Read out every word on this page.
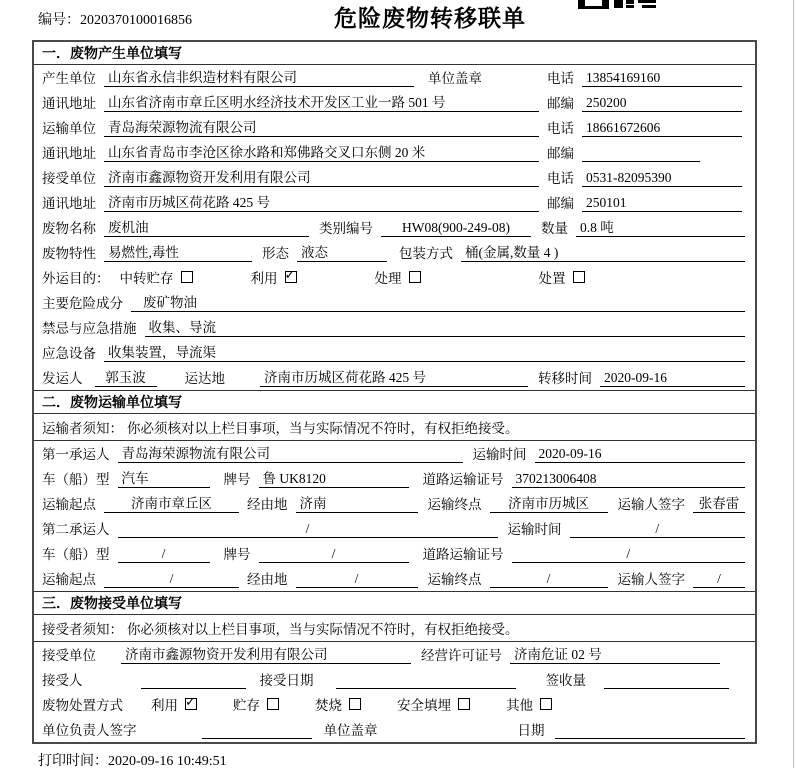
编号：2020370100016856	危险废物转移联单
一．废物产生单位填写
产生单位 山东省永信非织造材料有限公司	单位盖章	电话 13854169160
通讯地址 山东省济南市章丘区明水经济技术开发区工业一路 501 号	邮编 250200
运输单位 青岛海荣源物流有限公司	电话 18661672606
通讯地址 山东省青岛市李沧区徐水路和郑佛路交叉口东侧 20 米	邮编
接受单位 济南市鑫源物资开发利用有限公司	电话 0531-82095390
通讯地址 济南市历城区荷花路 425 号	邮编 250101
废物名称 废机油	类别编号	HW08(900-249-08)	数量 0.8 吨
废物特性 易燃性,毒性	形态 液态	包装方式 桶(金属,数量 4 )
外运目的： 中转贮存	利用 ✓	处理	处置
主要危险成分	废矿物油
禁忌与应急措施 收集、导流
应急设备 收集装置，导流渠
发运人	郭玉波	运达地	济南市历城区荷花路 425 号	转移时间 2020-09-16
二．废物运输单位填写
运输者须知： 你必须核对以上栏目事项，当与实际情况不符时，有权拒绝接受。
第一承运人 青岛海荣源物流有限公司	运输时间 2020-09-16
车（船）型 汽车	牌号 鲁 UK8120	道路运输证号 370213006408
运输起点	济南市章丘区	经由地 济南	运输终点	济南市历城区	运输人签字	张春雷
第二承运人	/	运输时间	/
车（船）型	/	牌号	/	道路运输证号	/
运输起点	/	经由地	/	运输终点	/	运输人签字	/
三．废物接受单位填写
接受者须知： 你必须核对以上栏目事项，当与实际情况不符时，有权拒绝接受。
接受单位 济南市鑫源物资开发利用有限公司	经营许可证号 济南危证 02 号
接受人	接受日期	签收量
废物处置方式 利用 ✓	贮存	焚烧	安全填埋	其他
单位负责人签字	单位盖章	日期
打印时间：2020-09-16 10:49:51
